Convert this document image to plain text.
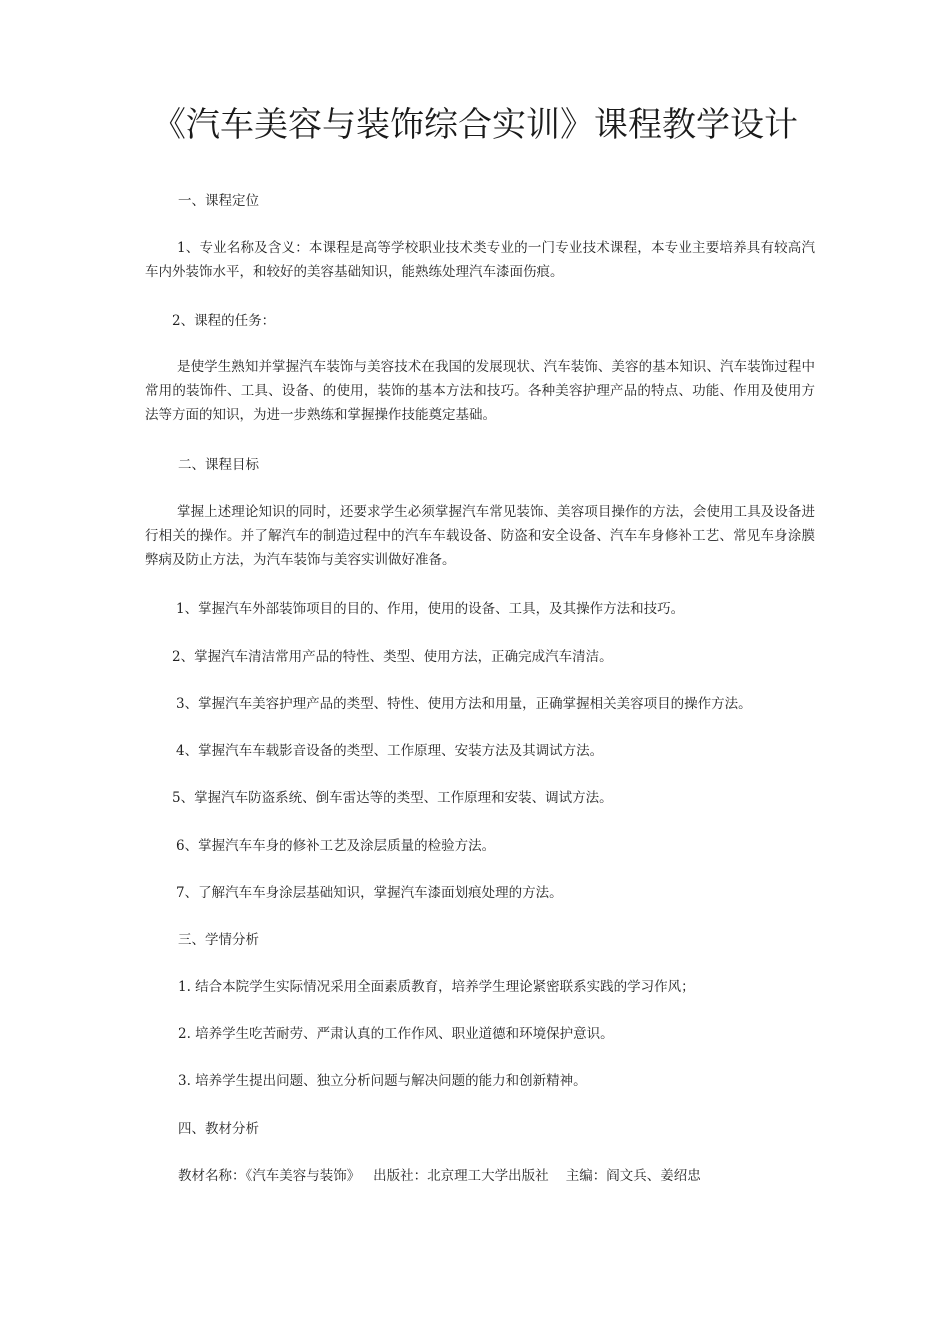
《汽车美容与装饰综合实训》课程教学设计
一、课程定位
1、专业名称及含义：本课程是高等学校职业技术类专业的一门专业技术课程，本专业主要培养具有较高汽车内外装饰水平，和较好的美容基础知识，能熟练处理汽车漆面伤痕。
2、课程的任务：
是使学生熟知并掌握汽车装饰与美容技术在我国的发展现状、汽车装饰、美容的基本知识、汽车装饰过程中常用的装饰件、工具、设备、的使用，装饰的基本方法和技巧。各种美容护理产品的特点、功能、作用及使用方法等方面的知识，为进一步熟练和掌握操作技能奠定基础。
二、课程目标
掌握上述理论知识的同时，还要求学生必须掌握汽车常见装饰、美容项目操作的方法，会使用工具及设备进行相关的操作。并了解汽车的制造过程中的汽车车载设备、防盗和安全设备、汽车车身修补工艺、常见车身涂膜弊病及防止方法，为汽车装饰与美容实训做好准备。
1、掌握汽车外部装饰项目的目的、作用，使用的设备、工具，及其操作方法和技巧。
2、掌握汽车清洁常用产品的特性、类型、使用方法，正确完成汽车清洁。
3、掌握汽车美容护理产品的类型、特性、使用方法和用量，正确掌握相关美容项目的操作方法。
4、掌握汽车车载影音设备的类型、工作原理、安装方法及其调试方法。
5、掌握汽车防盗系统、倒车雷达等的类型、工作原理和安装、调试方法。
6、掌握汽车车身的修补工艺及涂层质量的检验方法。
7、了解汽车车身涂层基础知识，掌握汽车漆面划痕处理的方法。
三、学情分析
1. 结合本院学生实际情况采用全面素质教育，培养学生理论紧密联系实践的学习作风；
2. 培养学生吃苦耐劳、严肃认真的工作作风、职业道德和环境保护意识。
3. 培养学生提出问题、独立分析问题与解决问题的能力和创新精神。
四、教材分析
教材名称：《汽车美容与装饰》   出版社：北京理工大学出版社    主编：阎文兵、姜绍忠
